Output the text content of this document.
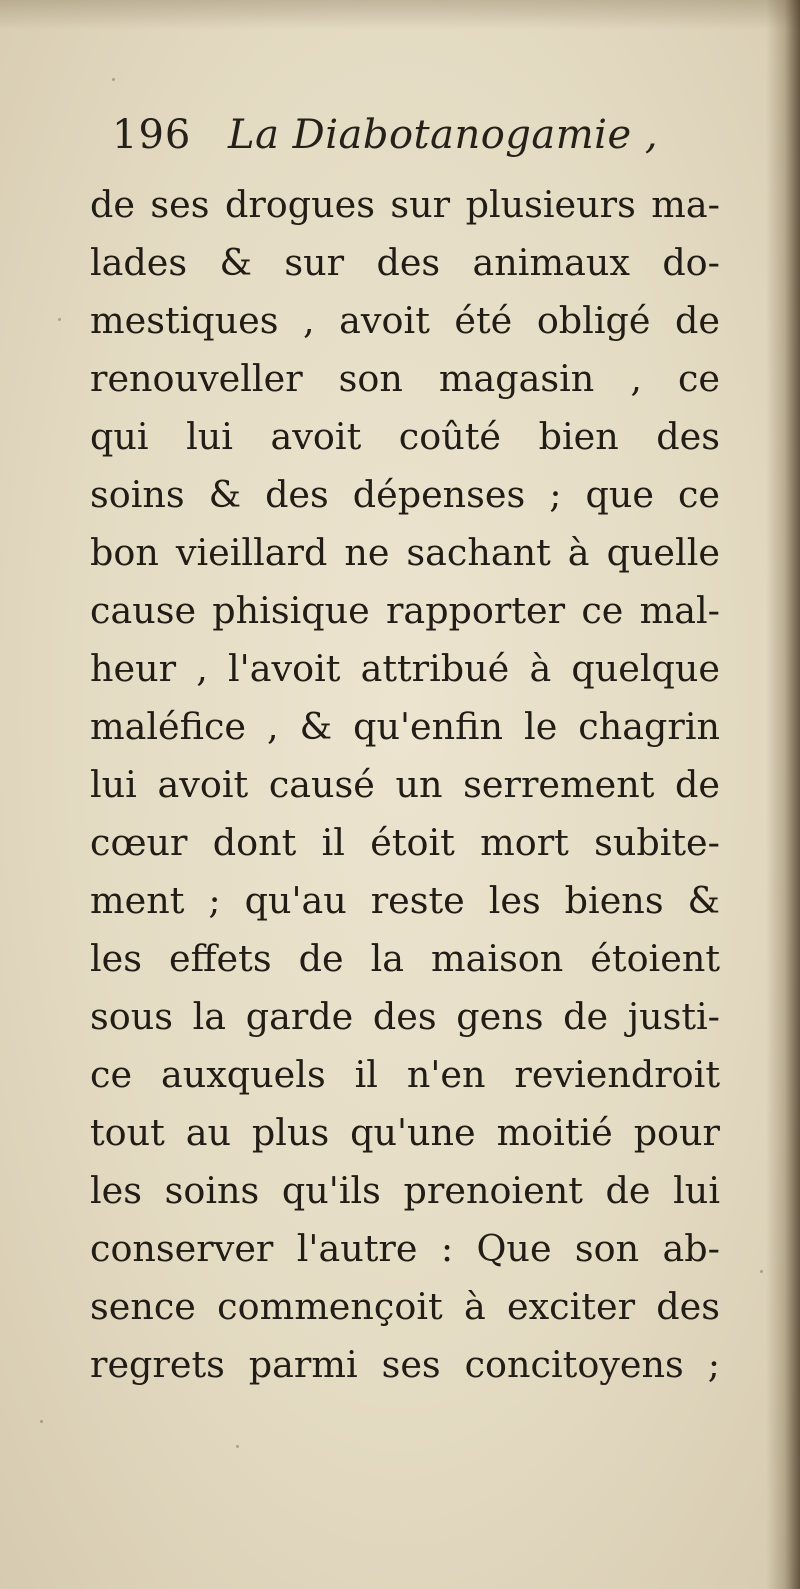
196 La Diabotanogamie ,
de ses drogues sur plusieurs ma-
lades & sur des animaux do-
mestiques , avoit été obligé de
renouveller son magasin , ce
qui lui avoit coûté bien des
soins & des dépenses ; que ce
bon vieillard ne sachant à quelle
cause phisique rapporter ce mal-
heur , l'avoit attribué à quelque
maléfice , & qu'enfin le chagrin
lui avoit causé un serrement de
cœur dont il étoit mort subite-
ment ; qu'au reste les biens &
les effets de la maison étoient
sous la garde des gens de justi-
ce auxquels il n'en reviendroit
tout au plus qu'une moitié pour
les soins qu'ils prenoient de lui
conserver l'autre : Que son ab-
sence commençoit à exciter des
regrets parmi ses concitoyens ;
